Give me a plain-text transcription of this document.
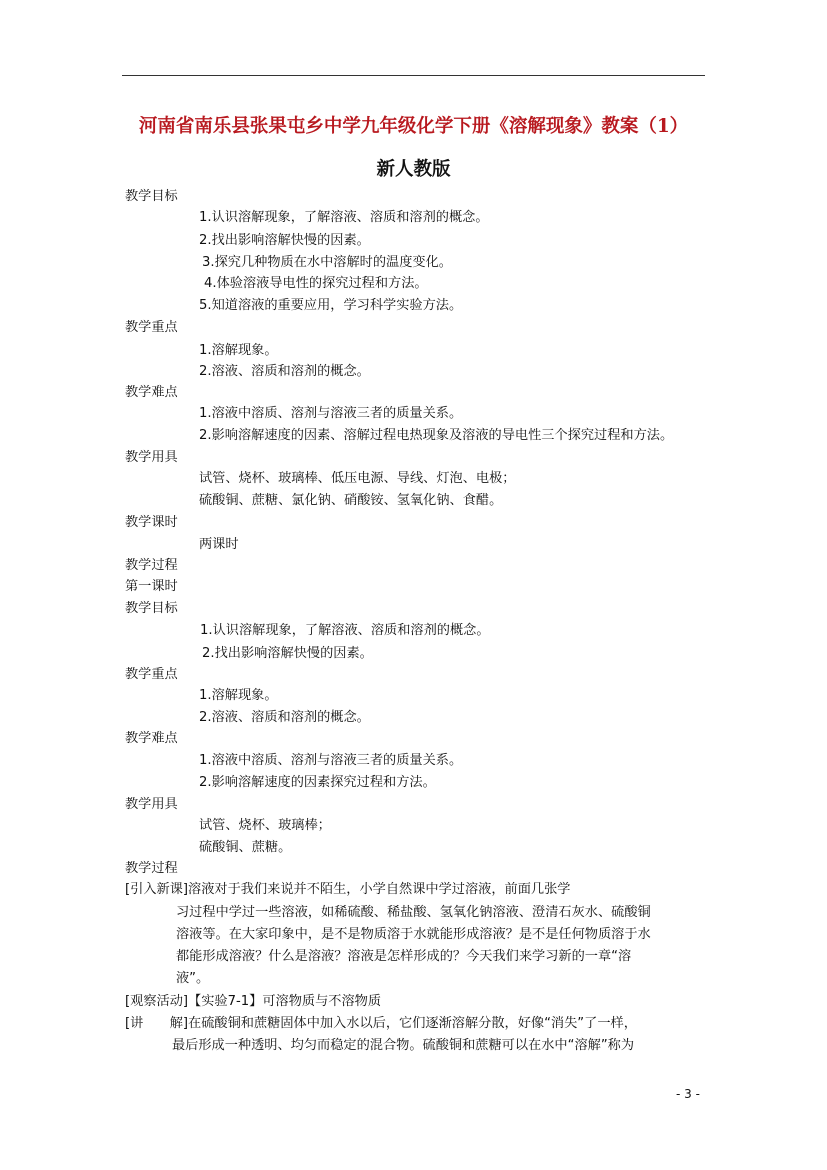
河南省南乐县张果屯乡中学九年级化学下册《溶解现象》教案（1）
新人教版
教学目标
1.认识溶解现象，了解溶液、溶质和溶剂的概念。
2.找出影响溶解快慢的因素。
3.探究几种物质在水中溶解时的温度变化。
4.体验溶液导电性的探究过程和方法。
5.知道溶液的重要应用，学习科学实验方法。
教学重点
1.溶解现象。
2.溶液、溶质和溶剂的概念。
教学难点
1.溶液中溶质、溶剂与溶液三者的质量关系。
2.影响溶解速度的因素、溶解过程电热现象及溶液的导电性三个探究过程和方法。
教学用具
试管、烧杯、玻璃棒、低压电源、导线、灯泡、电极；
硫酸铜、蔗糖、氯化钠、硝酸铵、氢氧化钠、食醋。
教学课时
两课时
教学过程
第一课时
教学目标
1.认识溶解现象，了解溶液、溶质和溶剂的概念。
2.找出影响溶解快慢的因素。
教学重点
1.溶解现象。
2.溶液、溶质和溶剂的概念。
教学难点
1.溶液中溶质、溶剂与溶液三者的质量关系。
2.影响溶解速度的因素探究过程和方法。
教学用具
试管、烧杯、玻璃棒；
硫酸铜、蔗糖。
教学过程
[引入新课]溶液对于我们来说并不陌生，小学自然课中学过溶液，前面几张学
习过程中学过一些溶液，如稀硫酸、稀盐酸、氢氧化钠溶液、澄清石灰水、硫酸铜
溶液等。在大家印象中，是不是物质溶于水就能形成溶液？是不是任何物质溶于水
都能形成溶液？什么是溶液？溶液是怎样形成的？今天我们来学习新的一章“溶
液”。
[观察活动]【实验7-1】可溶物质与不溶物质
[讲　　解]在硫酸铜和蔗糖固体中加入水以后，它们逐渐溶解分散，好像“消失”了一样，
最后形成一种透明、均匀而稳定的混合物。硫酸铜和蔗糖可以在水中“溶解”称为
- 3 -
